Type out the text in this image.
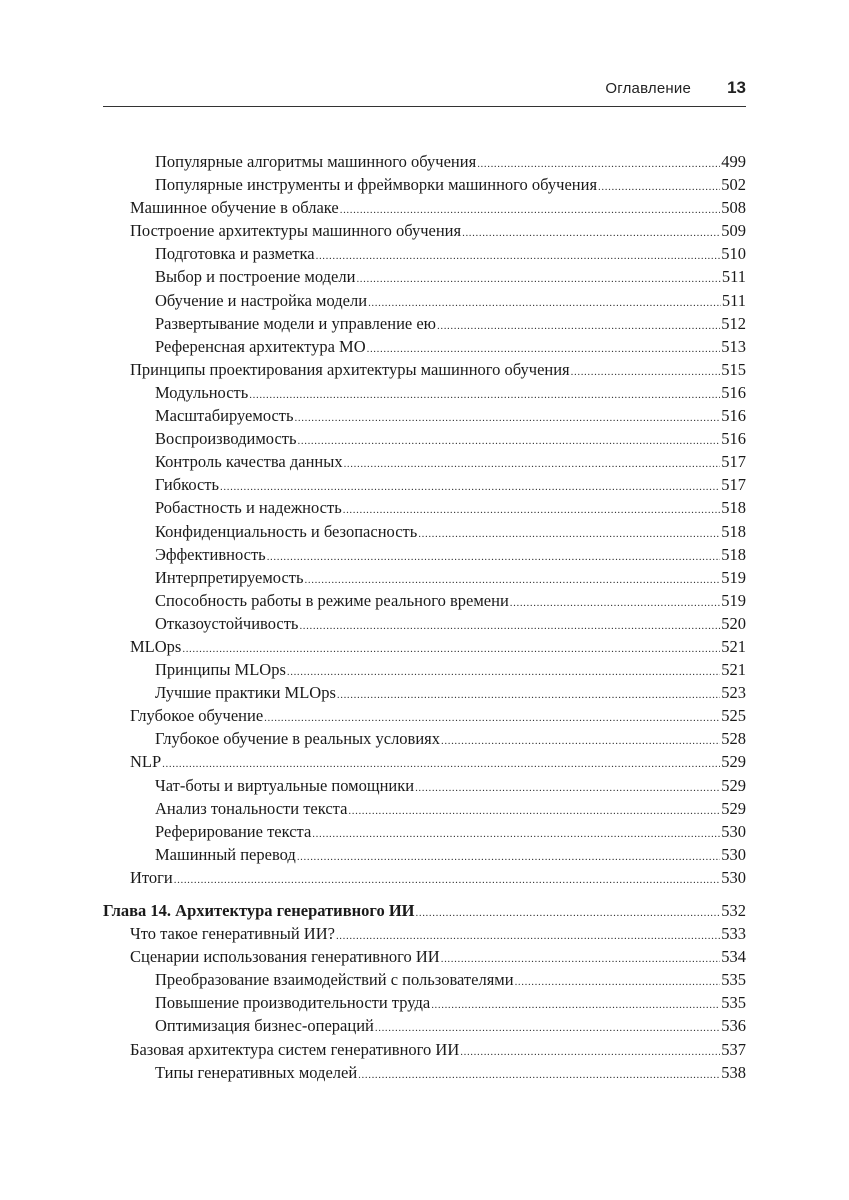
Оглавление 13
Популярные алгоритмы машинного обучения .....	499
Популярные инструменты и фреймворки машинного обучения .....	502
Машинное обучение в облаке .....	508
Построение архитектуры машинного обучения .....	509
Подготовка и разметка .....	510
Выбор и построение модели .....	511
Обучение и настройка модели .....	511
Развертывание модели и управление ею .....	512
Референсная архитектура МО .....	513
Принципы проектирования архитектуры машинного обучения .....	515
Модульность .....	516
Масштабируемость .....	516
Воспроизводимость .....	516
Контроль качества данных .....	517
Гибкость .....	517
Робастность и надежность .....	518
Конфиденциальность и безопасность .....	518
Эффективность .....	518
Интерпретируемость .....	519
Способность работы в режиме реального времени .....	519
Отказоустойчивость .....	520
MLOps .....	521
Принципы MLOps .....	521
Лучшие практики MLOps .....	523
Глубокое обучение .....	525
Глубокое обучение в реальных условиях .....	528
NLP .....	529
Чат-боты и виртуальные помощники .....	529
Анализ тональности текста .....	529
Реферирование текста .....	530
Машинный перевод .....	530
Итоги .....	530
Глава 14. Архитектура генеративного ИИ .....	532
Что такое генеративный ИИ? .....	533
Сценарии использования генеративного ИИ .....	534
Преобразование взаимодействий с пользователями .....	535
Повышение производительности труда .....	535
Оптимизация бизнес-операций .....	536
Базовая архитектура систем генеративного ИИ .....	537
Типы генеративных моделей .....	538
